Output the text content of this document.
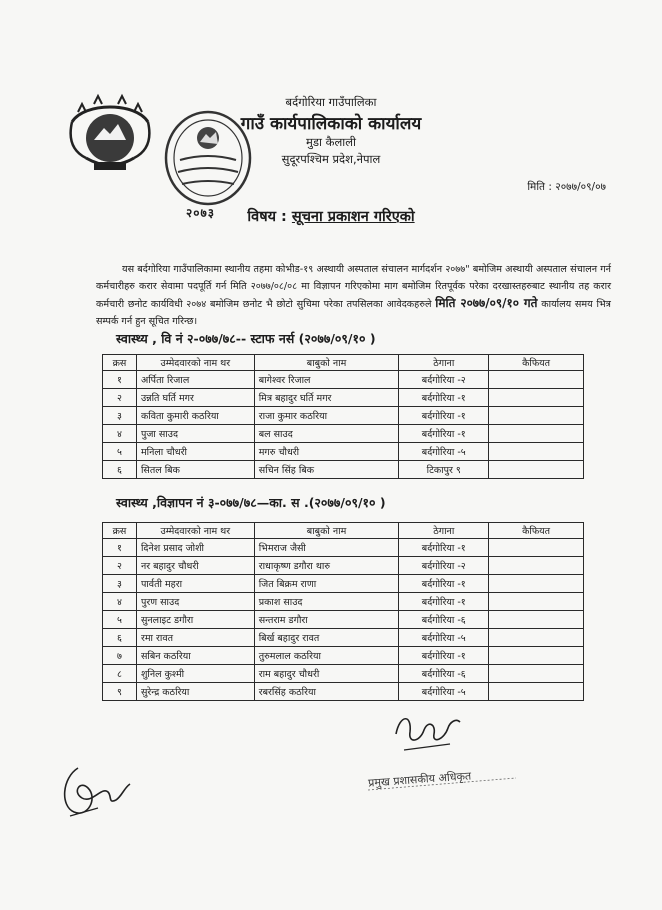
२०७३
बर्दगोरिया गाउँपालिका
गाउँ कार्यपालिकाको कार्यालय
मुडा कैलाली
सुदूरपश्चिम प्रदेश,नेपाल
मिति : २०७७/०९/०७
विषय : सूचना प्रकाशन गरिएको
यस बर्दगोरिया गाउँपालिकामा स्थानीय तहमा कोभीड-१९ अस्थायी अस्पताल संचालन मार्गदर्शन २०७७" बमोजिम अस्थायी अस्पताल संचालन गर्न कर्मचारीहरु करार सेवामा पदपूर्ति गर्न मिति २०७७/०८/०८ मा विज्ञापन गरिएकोमा माग बमोजिम रितपूर्वक परेका दरखास्तहरुबाट स्थानीय तह करार कर्मचारी छनोट कार्यविधी २०७४ बमोजिम छनोट भै छोटो सुचिमा परेका तपसिलका आवेदकहरुले मिति २०७७/०९/१० गते कार्यालय समय भित्र सम्पर्क गर्न हुन सूचित गरिन्छ।
स्वास्थ्य , वि नं २-०७७/७८-- स्टाफ नर्स (२०७७/०९/१० )
क्रस	उम्मेदवारको नाम थर	बाबुको नाम	ठेगाना	कैफियत
१	अर्पिता रिजाल	बागेश्वर रिजाल	बर्दगोरिया -२	
२	उन्नति घर्ति मगर	मित्र बहादुर घर्ति मगर	बर्दगोरिया -१	
३	कविता कुमारी कठरिया	राजा कुमार कठरिया	बर्दगोरिया -१	
४	पुजा साउद	बल साउद	बर्दगोरिया -१	
५	मनिला चौधरी	मगरु चौधरी	बर्दगोरिया -५	
६	सितल बिक	सचिन सिंह बिक	टिकापुर ९	
स्वास्थ्य ,विज्ञापन नं ३-०७७/७८—का. स .(२०७७/०९/१० )
क्रस	उम्मेदवारको नाम थर	बाबुको नाम	ठेगाना	कैफियत
१	दिनेश प्रसाद जोशी	भिमराज जैसी	बर्दगोरिया -१	
२	नर बहादुर चौधरी	राधाकृष्ण डगौरा थारु	बर्दगोरिया -२	
३	पार्वती महरा	जित बिक्रम राणा	बर्दगोरिया -१	
४	पुरण साउद	प्रकाश साउद	बर्दगोरिया -१	
५	सुनलाइट डगौरा	सन्तराम डगौरा	बर्दगोरिया -६	
६	रमा रावत	बिर्ख बहादुर रावत	बर्दगोरिया -५	
७	सबिन कठरिया	तुरुमलाल कठरिया	बर्दगोरिया -१	
८	शुनिल कुश्मी	राम बहादुर चौधरी	बर्दगोरिया -६	
९	सुरेन्द्र कठरिया	रबरसिंह कठरिया	बर्दगोरिया -५	
प्रमुख प्रशासकीय अधिकृत
